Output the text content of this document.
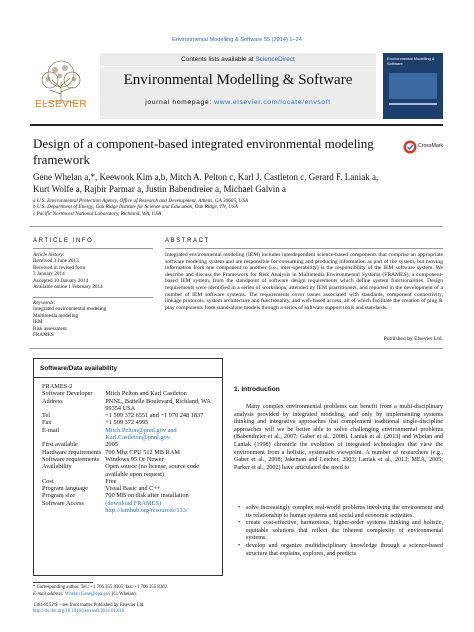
Environmental Modelling & Software 55 (2014) 1–24
ELSEVIER
Contents lists available at ScienceDirect
Environmental Modelling & Software
journal homepage: www.elsevier.com/locate/envsoft
Environmental Modelling & Software
Design of a component-based integrated environmental modeling framework
CrossMark
Gene Whelan a,*, Keewook Kim a,b, Mitch A. Pelton c, Karl J. Castleton c, Gerard F. Laniak a,
Kurt Wolfe a, Rajbir Parmar a, Justin Babendreier a, Michael Galvin a
a U.S. Environmental Protection Agency, Office of Research and Development, Athens, GA 30605, USA
b U.S. Department of Energy, Oak Ridge Institute for Science and Education, Oak Ridge, TN, USA
c Pacific Northwest National Laboratory, Richland, WA, USA
ARTICLE INFO
Article history:
Received 3 June 2013
Received in revised form
3 January 2014
Accepted 10 January 2014
Available online 1 February 2014
Keywords:
Integrated environmental modeling
Multimedia modeling
IEM
Risk assessment
FRAMES
ABSTRACT
Integrated environmental modeling (IEM) includes interdependent science-based components that comprise an appropriate software modeling system and are responsible for consuming and producing information as part of the system, but moving information from one component to another (i.e., inter-operability) is the responsibility of the IEM software system. We describe and discuss the Framework for Risk Analysis in Multimedia Environmental Systems (FRAMES), a component-based IEM system, from the standpoint of software design requirements which define system functionalities. Design requirements were identified in a series of workshops, attended by IEM practitioners, and reported in the development of a number of IEM software systems. The requirements cover issues associated with standards, component connectivity, linkage protocols, system architecture and functionality, and web-based access, all of which facilitate the creation of plug & play components from stand-alone models through a series of software support tools and standards.
Published by Elsevier Ltd.
Software/Data availability
FRAMES-2
Software Developer	Mitch Pelton and Karl Castleton
Address	PNNL, Battelle Boulevard, Richland, WA 99354 USA
Tel	+1 509 372 6551 and +1 970 248 1837
Fax	+1 509 372 4995
E-mail	Mitch.Pelton@pnnl.gov and Karl.Castleton@pnnl.gov
First available	2005
Hardware requirements	700 Mhz CPU 512 MB RAM
Software requirements	Windows 95 Or Newer
Availability	Open source (no license, source code available upon request)
Cost	Free
Program language	Visual Basic and C++
Program size	700 MB on disk after installation
Software Access	(download FRAMES) http://iemhub.org/resources/133/
1. Introduction
Many complex environmental problems can benefit from a multi-disciplinary analysis provided by integrated modeling, and only by implementing systems thinking and integrative approaches that complement traditional single-discipline approaches will we be better able to solve challenging environmental problems (Babendreier et al., 2007; Gaber et al., 2008). Laniak et al. (2013) and Whelan and Laniak (1998) chronicle the evolution of integrated technologies that view the environment from a holistic, systematic viewpoint. A number of researchers (e.g., Gaber et al., 2008; Jakeman and Letcher, 2003; Laniak et al., 2013; MEA, 2005; Parker et al., 2002) have articulated the need to
• solve increasingly complex real-world problems involving the environment and its relationship to human systems and social and economic activities.
• create cost-effective, harmonious, higher-order systems thinking and holistic, equitable solutions that reflect the inherent complexity of environmental systems.
• develop and organize multidisciplinary knowledge through a science-based structure that explains, explores, and predicts
* Corresponding author. Tel.: +1 706 355 8305; fax: +1 706 355 8302.
E-mail address: Whelan.Gene@epa.gov (G. Whelan).
1364-8152/$ – see front matter Published by Elsevier Ltd.
http://dx.doi.org/10.1016/j.envsoft.2014.01.016
